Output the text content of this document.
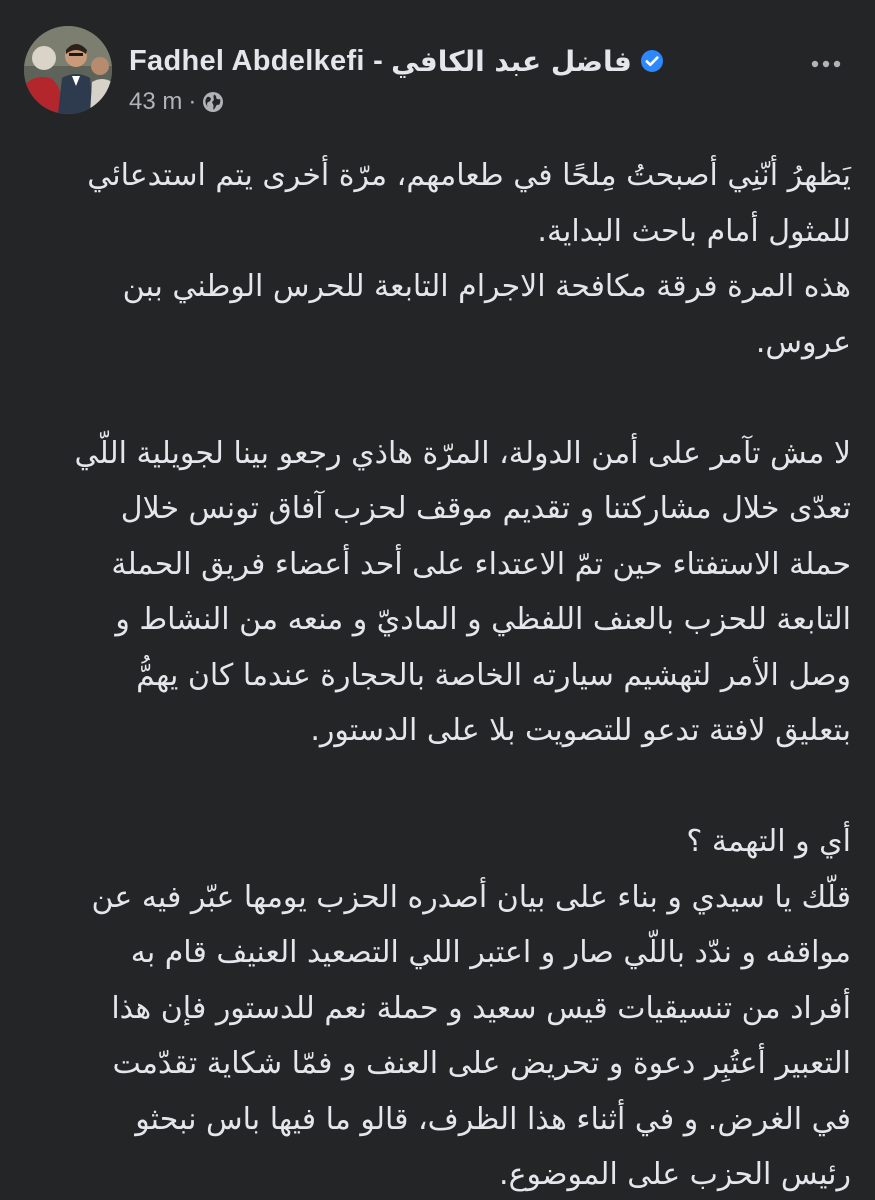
Fadhel Abdelkefi - فاضل عبد الكافي
43 m ·

يَظهرُ أنّنِي أصبحتُ مِلحًا في طعامهم، مرّة أخرى يتم استدعائي
للمثول أمام باحث البداية.
هذه المرة فرقة مكافحة الاجرام التابعة للحرس الوطني ببن
عروس.

لا مش تآمر على أمن الدولة، المرّة هاذي رجعو بينا لجويلية اللّي
تعدّى خلال مشاركتنا و تقديم موقف لحزب آفاق تونس خلال
حملة الاستفتاء حين تمّ الاعتداء على أحد أعضاء فريق الحملة
التابعة للحزب بالعنف اللفظي و الماديّ و منعه من النشاط و
وصل الأمر لتهشيم سيارته الخاصة بالحجارة عندما كان يهمُّ
بتعليق لافتة تدعو للتصويت بلا على الدستور.

أي و التهمة ؟
قلّك يا سيدي و بناء على بيان أصدره الحزب يومها عبّر فيه عن
مواقفه و ندّد باللّي صار و اعتبر اللي التصعيد العنيف قام به
أفراد من تنسيقيات قيس سعيد و حملة نعم للدستور فإن هذا
التعبير أعتُبِر دعوة و تحريض على العنف و فمّا شكاية تقدّمت
في الغرض. و في أثناء هذا الظرف، قالو ما فيها باس نبحثو
رئيس الحزب على الموضوع.
